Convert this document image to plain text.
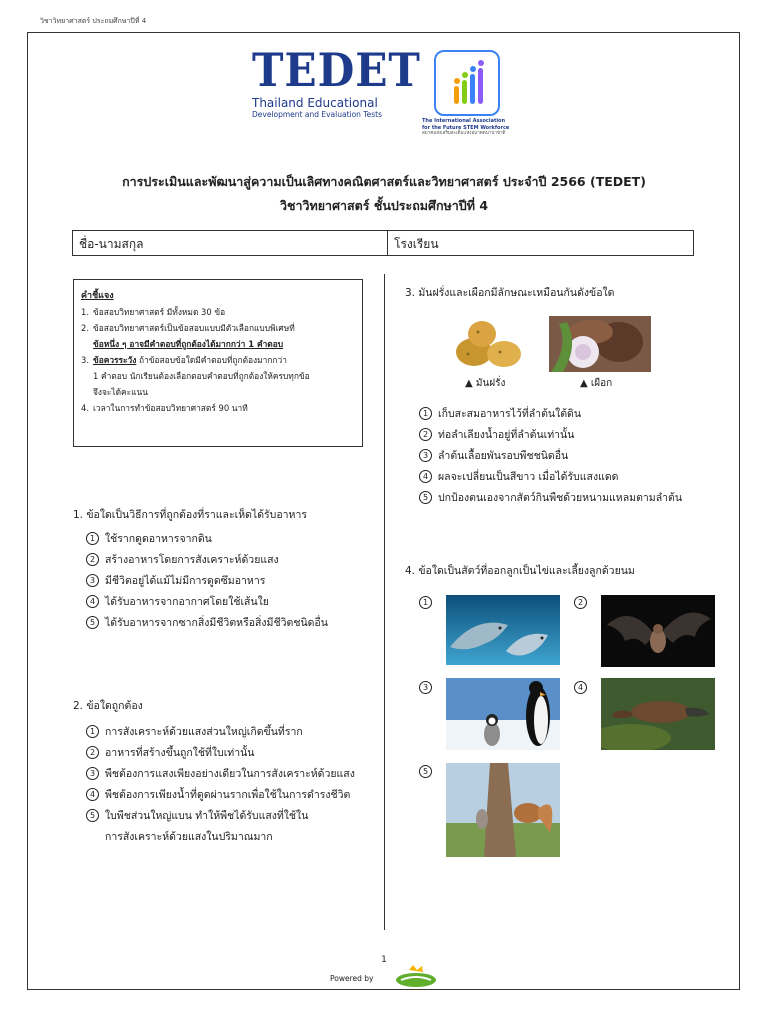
วิชาวิทยาศาสตร์ ประถมศึกษาปีที่ 4
TEDET
Thailand Educational
Development and Evaluation Tests
The International Association
for the Future STEM Workforce
สมาคมส่งเสริมสะเต็มแห่งอนาคตนานาชาติ
การประเมินและพัฒนาสู่ความเป็นเลิศทางคณิตศาสตร์และวิทยาศาสตร์ ประจำปี 2566 (TEDET)
วิชาวิทยาศาสตร์ ชั้นประถมศึกษาปีที่ 4
ชื่อ-นามสกุล	โรงเรียน
คำชี้แจง
1. ข้อสอบวิทยาศาสตร์ มีทั้งหมด 30 ข้อ
2. ข้อสอบวิทยาศาสตร์เป็นข้อสอบแบบมีตัวเลือกแบบพิเศษที่
ข้อหนึ่ง ๆ อาจมีคำตอบที่ถูกต้องได้มากกว่า 1 คำตอบ
3. ข้อควรระวัง ถ้าข้อสอบข้อใดมีคำตอบที่ถูกต้องมากกว่า
1 คำตอบ นักเรียนต้องเลือกตอบคำตอบที่ถูกต้องให้ครบทุกข้อ
จึงจะได้คะแนน
4. เวลาในการทำข้อสอบวิทยาศาสตร์ 90 นาที
1. ข้อใดเป็นวิธีการที่ถูกต้องที่ราและเห็ดได้รับอาหาร
1 ใช้รากดูดอาหารจากดิน
2 สร้างอาหารโดยการสังเคราะห์ด้วยแสง
3 มีชีวิตอยู่ได้แม้ไม่มีการดูดซึมอาหาร
4 ได้รับอาหารจากอากาศโดยใช้เส้นใย
5 ได้รับอาหารจากซากสิ่งมีชีวิตหรือสิ่งมีชีวิตชนิดอื่น
2. ข้อใดถูกต้อง
1 การสังเคราะห์ด้วยแสงส่วนใหญ่เกิดขึ้นที่ราก
2 อาหารที่สร้างขึ้นถูกใช้ที่ใบเท่านั้น
3 พืชต้องการแสงเพียงอย่างเดียวในการสังเคราะห์ด้วยแสง
4 พืชต้องการเพียงน้ำที่ดูดผ่านรากเพื่อใช้ในการดำรงชีวิต
5 ใบพืชส่วนใหญ่แบน ทำให้พืชได้รับแสงที่ใช้ใน
การสังเคราะห์ด้วยแสงในปริมาณมาก
3. มันฝรั่งและเผือกมีลักษณะเหมือนกันดังข้อใด
▲ มันฝรั่ง	▲ เผือก
1 เก็บสะสมอาหารไว้ที่ลำต้นใต้ดิน
2 ท่อลำเลียงน้ำอยู่ที่ลำต้นเท่านั้น
3 ลำต้นเลื้อยพันรอบพืชชนิดอื่น
4 ผลจะเปลี่ยนเป็นสีขาว เมื่อได้รับแสงแดด
5 ปกป้องตนเองจากสัตว์กินพืชด้วยหนามแหลมตามลำต้น
4. ข้อใดเป็นสัตว์ที่ออกลูกเป็นไข่และเลี้ยงลูกด้วยนม
1	2
3	4
5
1
Powered by
